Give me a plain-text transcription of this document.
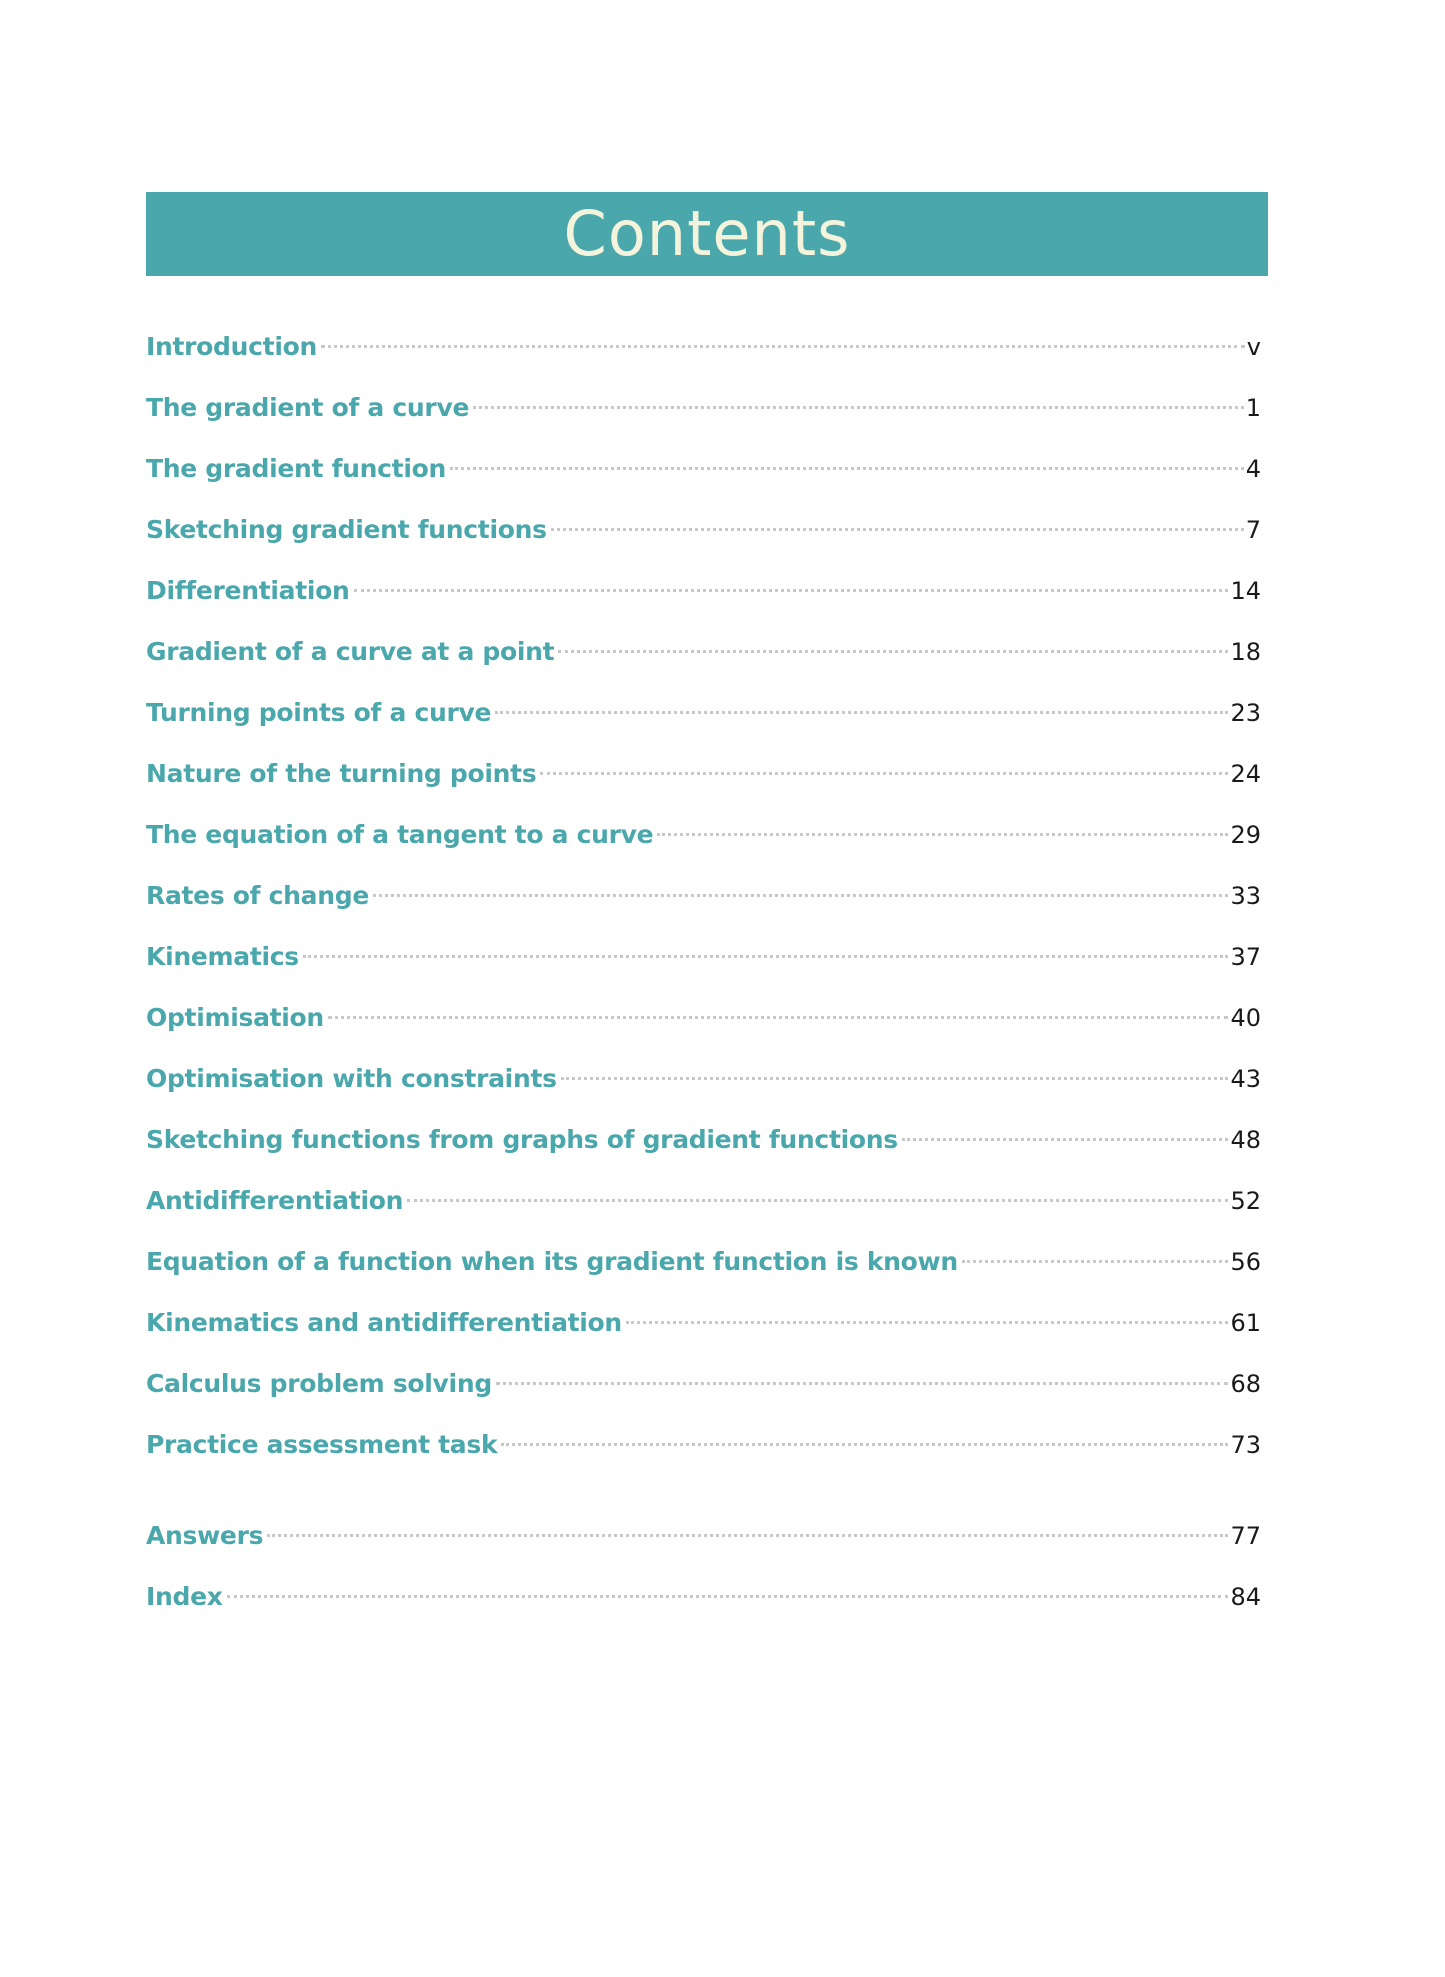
Contents
Introduction	v
The gradient of a curve	1
The gradient function	4
Sketching gradient functions	7
Differentiation	14
Gradient of a curve at a point	18
Turning points of a curve	23
Nature of the turning points	24
The equation of a tangent to a curve	29
Rates of change	33
Kinematics	37
Optimisation	40
Optimisation with constraints	43
Sketching functions from graphs of gradient functions	48
Antidifferentiation	52
Equation of a function when its gradient function is known	56
Kinematics and antidifferentiation	61
Calculus problem solving	68
Practice assessment task	73
Answers	77
Index	84
